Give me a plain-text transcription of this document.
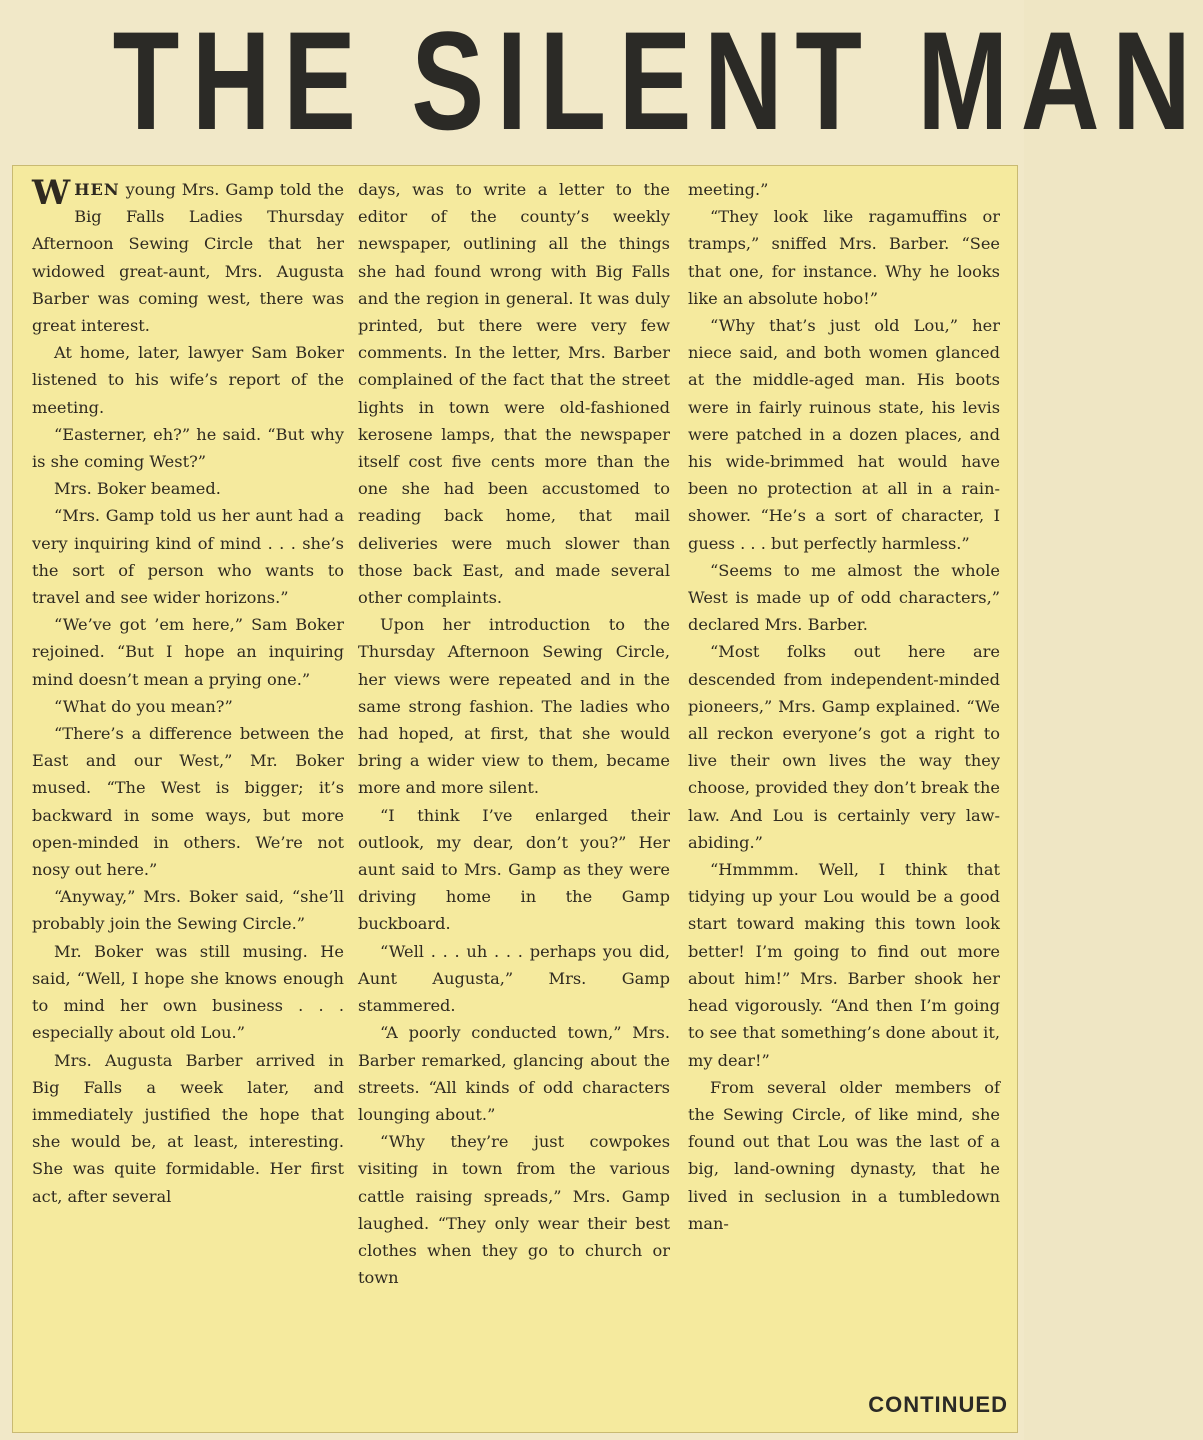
THE SILENT MAN

WHEN young Mrs. Gamp told the Big Falls Ladies Thursday Afternoon Sewing Circle that her widowed great-aunt, Mrs. Augusta Barber was coming west, there was great interest.

At home, later, lawyer Sam Boker listened to his wife’s report of the meeting.

“Easterner, eh?” he said. “But why is she coming West?”

Mrs. Boker beamed.

“Mrs. Gamp told us her aunt had a very inquiring kind of mind . . . she’s the sort of person who wants to travel and see wider horizons.”

“We’ve got ’em here,” Sam Boker rejoined. “But I hope an inquiring mind doesn’t mean a prying one.”

“What do you mean?”

“There’s a difference between the East and our West,” Mr. Boker mused. “The West is bigger; it’s backward in some ways, but more open-minded in others. We’re not nosy out here.”

“Anyway,” Mrs. Boker said, “she’ll probably join the Sewing Circle.”

Mr. Boker was still musing. He said, “Well, I hope she knows enough to mind her own business . . . especially about old Lou.”

Mrs. Augusta Barber arrived in Big Falls a week later, and immediately justified the hope that she would be, at least, interesting. She was quite formidable. Her first act, after several

days, was to write a letter to the editor of the county’s weekly newspaper, outlining all the things she had found wrong with Big Falls and the region in general. It was duly printed, but there were very few comments. In the letter, Mrs. Barber complained of the fact that the street lights in town were old-fashioned kerosene lamps, that the newspaper itself cost five cents more than the one she had been accustomed to reading back home, that mail deliveries were much slower than those back East, and made several other complaints.

Upon her introduction to the Thursday Afternoon Sewing Circle, her views were repeated and in the same strong fashion. The ladies who had hoped, at first, that she would bring a wider view to them, became more and more silent.

“I think I’ve enlarged their outlook, my dear, don’t you?” Her aunt said to Mrs. Gamp as they were driving home in the Gamp buckboard.

“Well . . . uh . . . perhaps you did, Aunt Augusta,” Mrs. Gamp stammered.

“A poorly conducted town,” Mrs. Barber remarked, glancing about the streets. “All kinds of odd characters lounging about.”

“Why they’re just cowpokes visiting in town from the various cattle raising spreads,” Mrs. Gamp laughed. “They only wear their best clothes when they go to church or town

meeting.”

“They look like ragamuffins or tramps,” sniffed Mrs. Barber. “See that one, for instance. Why he looks like an absolute hobo!”

“Why that’s just old Lou,” her niece said, and both women glanced at the middle-aged man. His boots were in fairly ruinous state, his levis were patched in a dozen places, and his wide-brimmed hat would have been no protection at all in a rain-shower. “He’s a sort of character, I guess . . . but perfectly harmless.”

“Seems to me almost the whole West is made up of odd characters,” declared Mrs. Barber.

“Most folks out here are descended from independent-minded pioneers,” Mrs. Gamp explained. “We all reckon everyone’s got a right to live their own lives the way they choose, provided they don’t break the law. And Lou is certainly very law-abiding.”

“Hmmmm. Well, I think that tidying up your Lou would be a good start toward making this town look better! I’m going to find out more about him!” Mrs. Barber shook her head vigorously. “And then I’m going to see that something’s done about it, my dear!”

From several older members of the Sewing Circle, of like mind, she found out that Lou was the last of a big, land-owning dynasty, that he lived in seclusion in a tumbledown man-

CONTINUED
